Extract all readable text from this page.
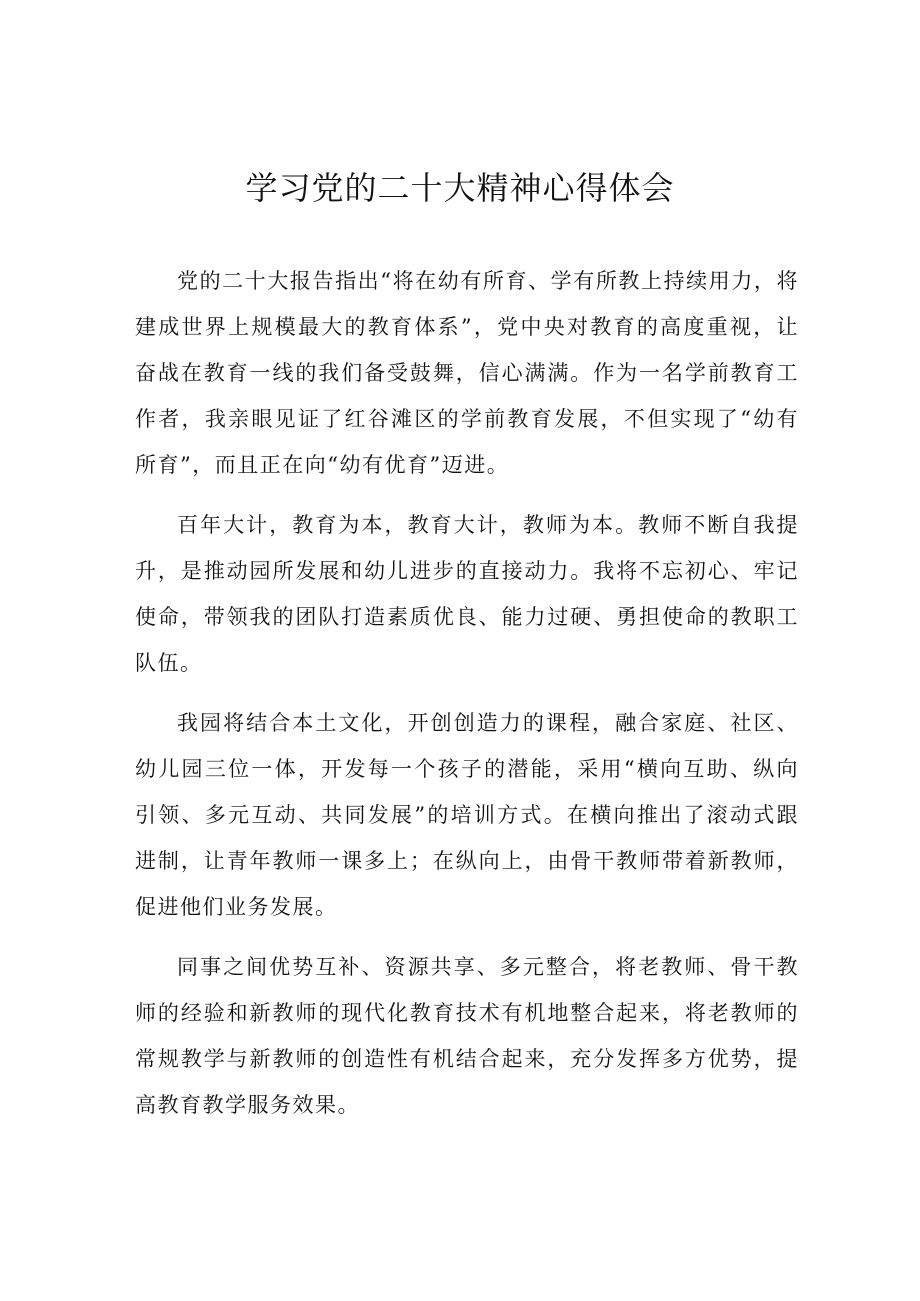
学习党的二十大精神心得体会

党的二十大报告指出“将在幼有所育、学有所教上持续用力，将建成世界上规模最大的教育体系”，党中央对教育的高度重视，让奋战在教育一线的我们备受鼓舞，信心满满。作为一名学前教育工作者，我亲眼见证了红谷滩区的学前教育发展，不但实现了“幼有所育”，而且正在向“幼有优育”迈进。

百年大计，教育为本，教育大计，教师为本。教师不断自我提升，是推动园所发展和幼儿进步的直接动力。我将不忘初心、牢记使命，带领我的团队打造素质优良、能力过硬、勇担使命的教职工队伍。

我园将结合本土文化，开创创造力的课程，融合家庭、社区、幼儿园三位一体，开发每一个孩子的潜能，采用“横向互助、纵向引领、多元互动、共同发展”的培训方式。在横向推出了滚动式跟进制，让青年教师一课多上；在纵向上，由骨干教师带着新教师，促进他们业务发展。

同事之间优势互补、资源共享、多元整合，将老教师、骨干教师的经验和新教师的现代化教育技术有机地整合起来，将老教师的常规教学与新教师的创造性有机结合起来，充分发挥多方优势，提高教育教学服务效果。
